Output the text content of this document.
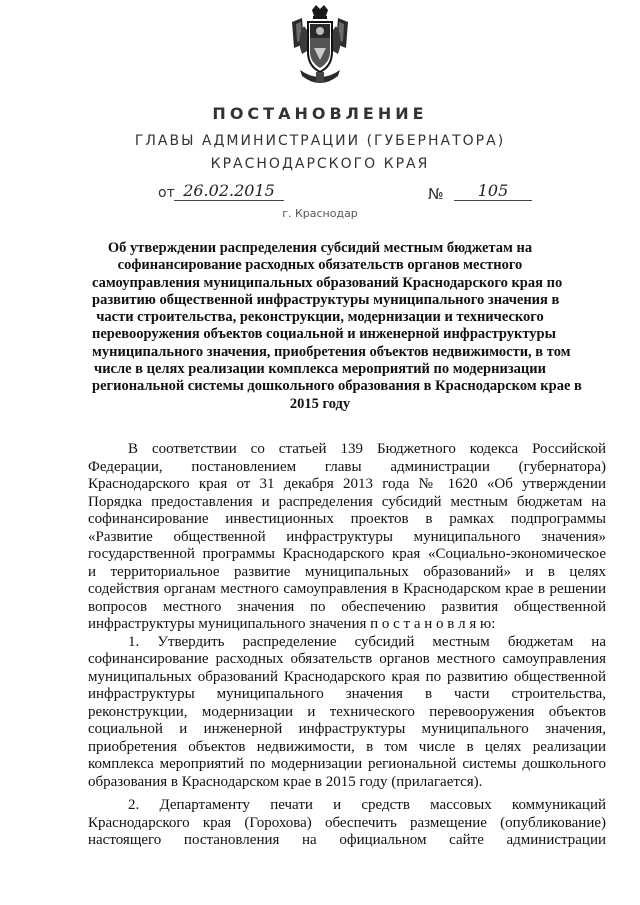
ПОСТАНОВЛЕНИЕ
ГЛАВЫ АДМИНИСТРАЦИИ (ГУБЕРНАТОРА)
КРАСНОДАРСКОГО КРАЯ
от 26.02.2015	№	105
г. Краснодар
Об утверждении распределения субсидий местным бюджетам на
софинансирование расходных обязательств органов местного
самоуправления муниципальных образований Краснодарского края по
развитию общественной инфраструктуры муниципального значения в
части строительства, реконструкции, модернизации и технического
перевооружения объектов социальной и инженерной инфраструктуры
муниципального значения, приобретения объектов недвижимости, в том
числе в целях реализации комплекса мероприятий по модернизации
региональной системы дошкольного образования в Краснодарском крае в
2015 году
В соответствии со статьей 139 Бюджетного кодекса Российской
Федерации, постановлением главы администрации (губернатора)
Краснодарского края от 31 декабря 2013 года № 1620 «Об утверждении
Порядка предоставления и распределения субсидий местным бюджетам на
софинансирование инвестиционных проектов в рамках подпрограммы
«Развитие общественной инфраструктуры муниципального значения»
государственной программы Краснодарского края «Социально-экономическое
и территориальное развитие муниципальных образований» и в целях
содействия органам местного самоуправления в Краснодарском крае в решении
вопросов местного значения по обеспечению развития общественной
инфраструктуры муниципального значения п о с т а н о в л я ю:
1. Утвердить распределение субсидий местным бюджетам на
софинансирование расходных обязательств органов местного самоуправления
муниципальных образований Краснодарского края по развитию общественной
инфраструктуры муниципального значения в части строительства,
реконструкции, модернизации и технического перевооружения объектов
социальной и инженерной инфраструктуры муниципального значения,
приобретения объектов недвижимости, в том числе в целях реализации
комплекса мероприятий по модернизации региональной системы дошкольного
образования в Краснодарском крае в 2015 году (прилагается).
2. Департаменту печати и средств массовых коммуникаций
Краснодарского края (Горохова) обеспечить размещение (опубликование)
настоящего постановления на официальном сайте администрации
